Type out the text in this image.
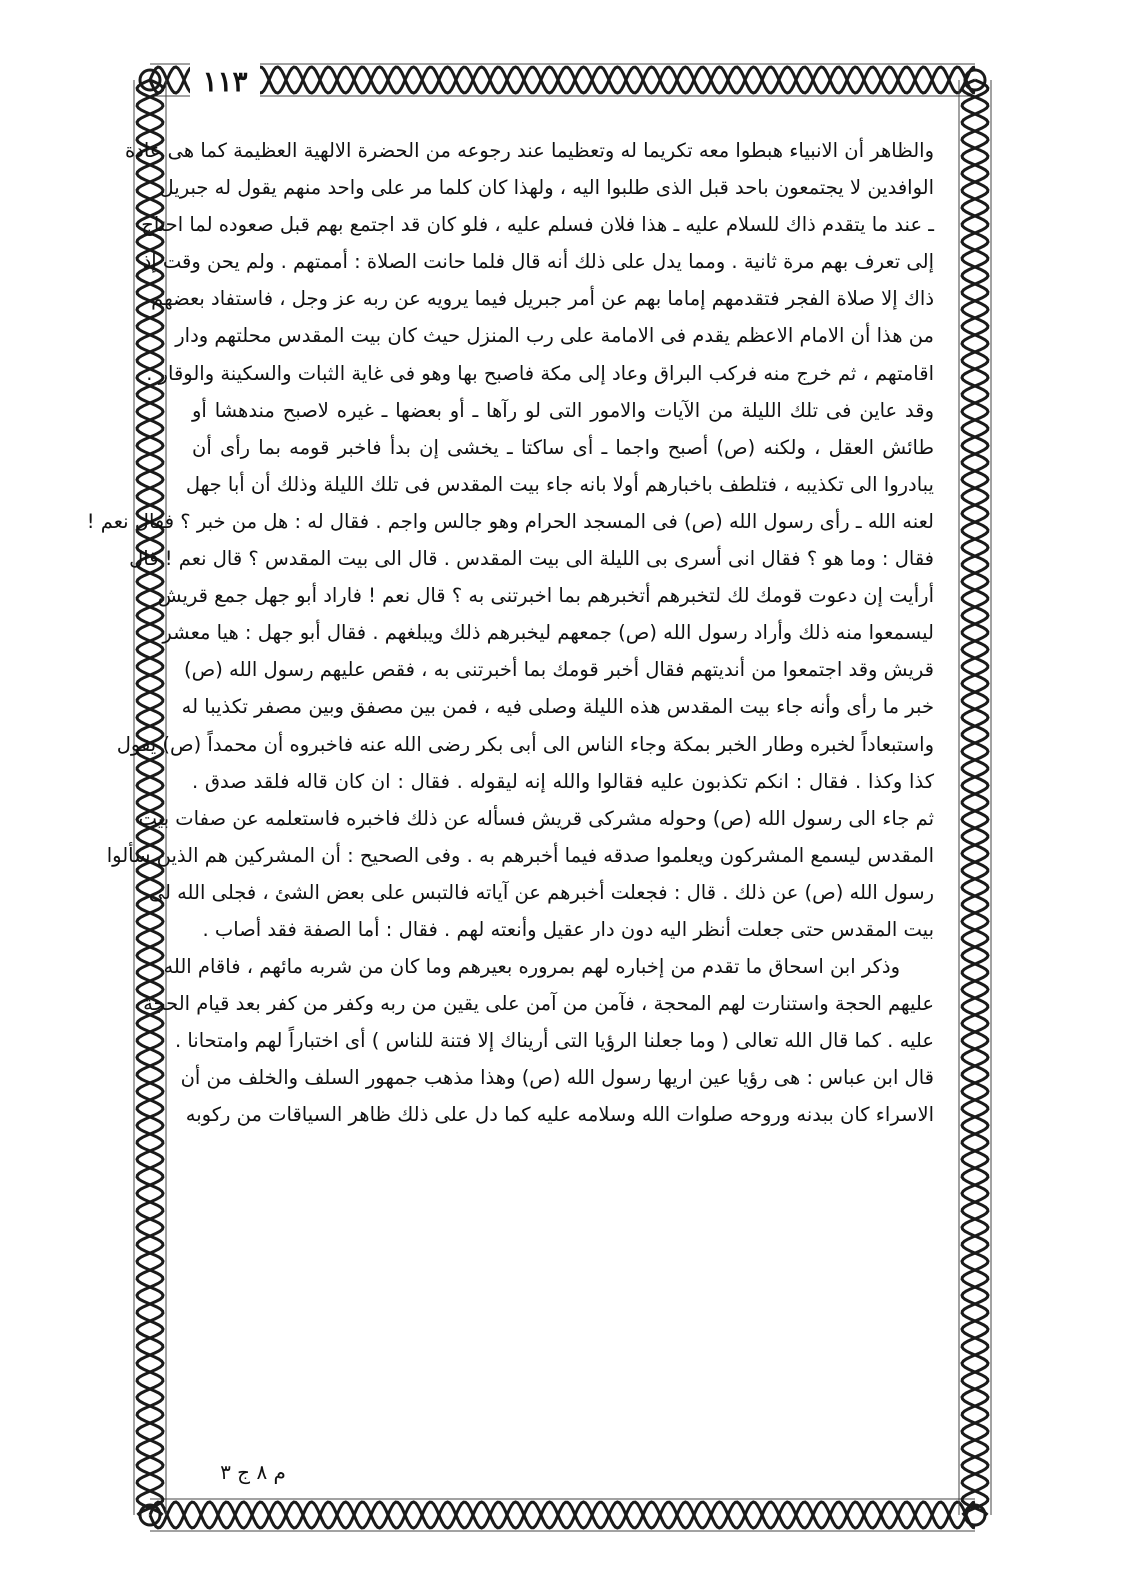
١١٣
والظاهر أن الانبياء هبطوا معه تكريما له وتعظيما عند رجوعه من الحضرة الالهية العظيمة كما هى عادة
الوافدين لا يجتمعون باحد قبل الذى طلبوا اليه ، ولهذا كان كلما مر على واحد منهم يقول له جبريل
ـ عند ما يتقدم ذاك للسلام عليه ـ هذا فلان فسلم عليه ، فلو كان قد اجتمع بهم قبل صعوده لما احتاج
إلى تعرف بهم مرة ثانية . ومما يدل على ذلك أنه قال فلما حانت الصلاة : أممتهم . ولم يحن وقت إذ
ذاك إلا صلاة الفجر فتقدمهم إماما بهم عن أمر جبريل فيما يرويه عن ربه عز وجل ، فاستفاد بعضهم
من هذا أن الامام الاعظم يقدم فى الامامة على رب المنزل حيث كان بيت المقدس محلتهم ودار
اقامتهم ، ثم خرج منه فركب البراق وعاد إلى مكة فاصبح بها وهو فى غاية الثبات والسكينة والوقار .
وقد عاين فى تلك الليلة من الآيات والامور التى لو رآها ـ أو بعضها ـ غيره لاصبح مندهشا أو
طائش العقل ، ولكنه (ص) أصبح واجما ـ أى ساكتا ـ يخشى إن بدأ فاخبر قومه بما رأى أن
يبادروا الى تكذيبه ، فتلطف باخبارهم أولا بانه جاء بيت المقدس فى تلك الليلة وذلك أن أبا جهل
لعنه الله ـ رأى رسول الله (ص) فى المسجد الحرام وهو جالس واجم . فقال له : هل من خبر ؟ فقال نعم !
فقال : وما هو ؟ فقال انى أسرى بى الليلة الى بيت المقدس . قال الى بيت المقدس ؟ قال نعم ! قال
أرأيت إن دعوت قومك لك لتخبرهم أتخبرهم بما اخبرتنى به ؟ قال نعم ! فاراد أبو جهل جمع قريش
ليسمعوا منه ذلك وأراد رسول الله (ص) جمعهم ليخبرهم ذلك ويبلغهم . فقال أبو جهل : هيا معشر
قريش وقد اجتمعوا من أنديتهم فقال أخبر قومك بما أخبرتنى به ، فقص عليهم رسول الله (ص)
خبر ما رأى وأنه جاء بيت المقدس هذه الليلة وصلى فيه ، فمن بين مصفق وبين مصفر تكذيبا له
واستبعاداً لخبره وطار الخبر بمكة وجاء الناس الى أبى بكر رضى الله عنه فاخبروه أن محمداً (ص) يقول
كذا وكذا . فقال : انكم تكذبون عليه فقالوا والله إنه ليقوله . فقال : ان كان قاله فلقد صدق .
ثم جاء الى رسول الله (ص) وحوله مشركى قريش فسأله عن ذلك فاخبره فاستعلمه عن صفات بيت
المقدس ليسمع المشركون ويعلموا صدقه فيما أخبرهم به . وفى الصحيح : أن المشركين هم الذين سألوا
رسول الله (ص) عن ذلك . قال : فجعلت أخبرهم عن آياته فالتبس على بعض الشئ ، فجلى الله لى
بيت المقدس حتى جعلت أنظر اليه دون دار عقيل وأنعته لهم . فقال : أما الصفة فقد أصاب .
وذكر ابن اسحاق ما تقدم من إخباره لهم بمروره بعيرهم وما كان من شربه مائهم ، فاقام الله
عليهم الحجة واستنارت لهم المحجة ، فآمن من آمن على يقين من ربه وكفر من كفر بعد قيام الحجة
عليه . كما قال الله تعالى ( وما جعلنا الرؤيا التى أريناك إلا فتنة للناس ) أى اختباراً لهم وامتحانا .
قال ابن عباس : هى رؤيا عين اريها رسول الله (ص) وهذا مذهب جمهور السلف والخلف من أن
الاسراء كان ببدنه وروحه صلوات الله وسلامه عليه كما دل على ذلك ظاهر السياقات من ركوبه
م ٨ ج ٣
